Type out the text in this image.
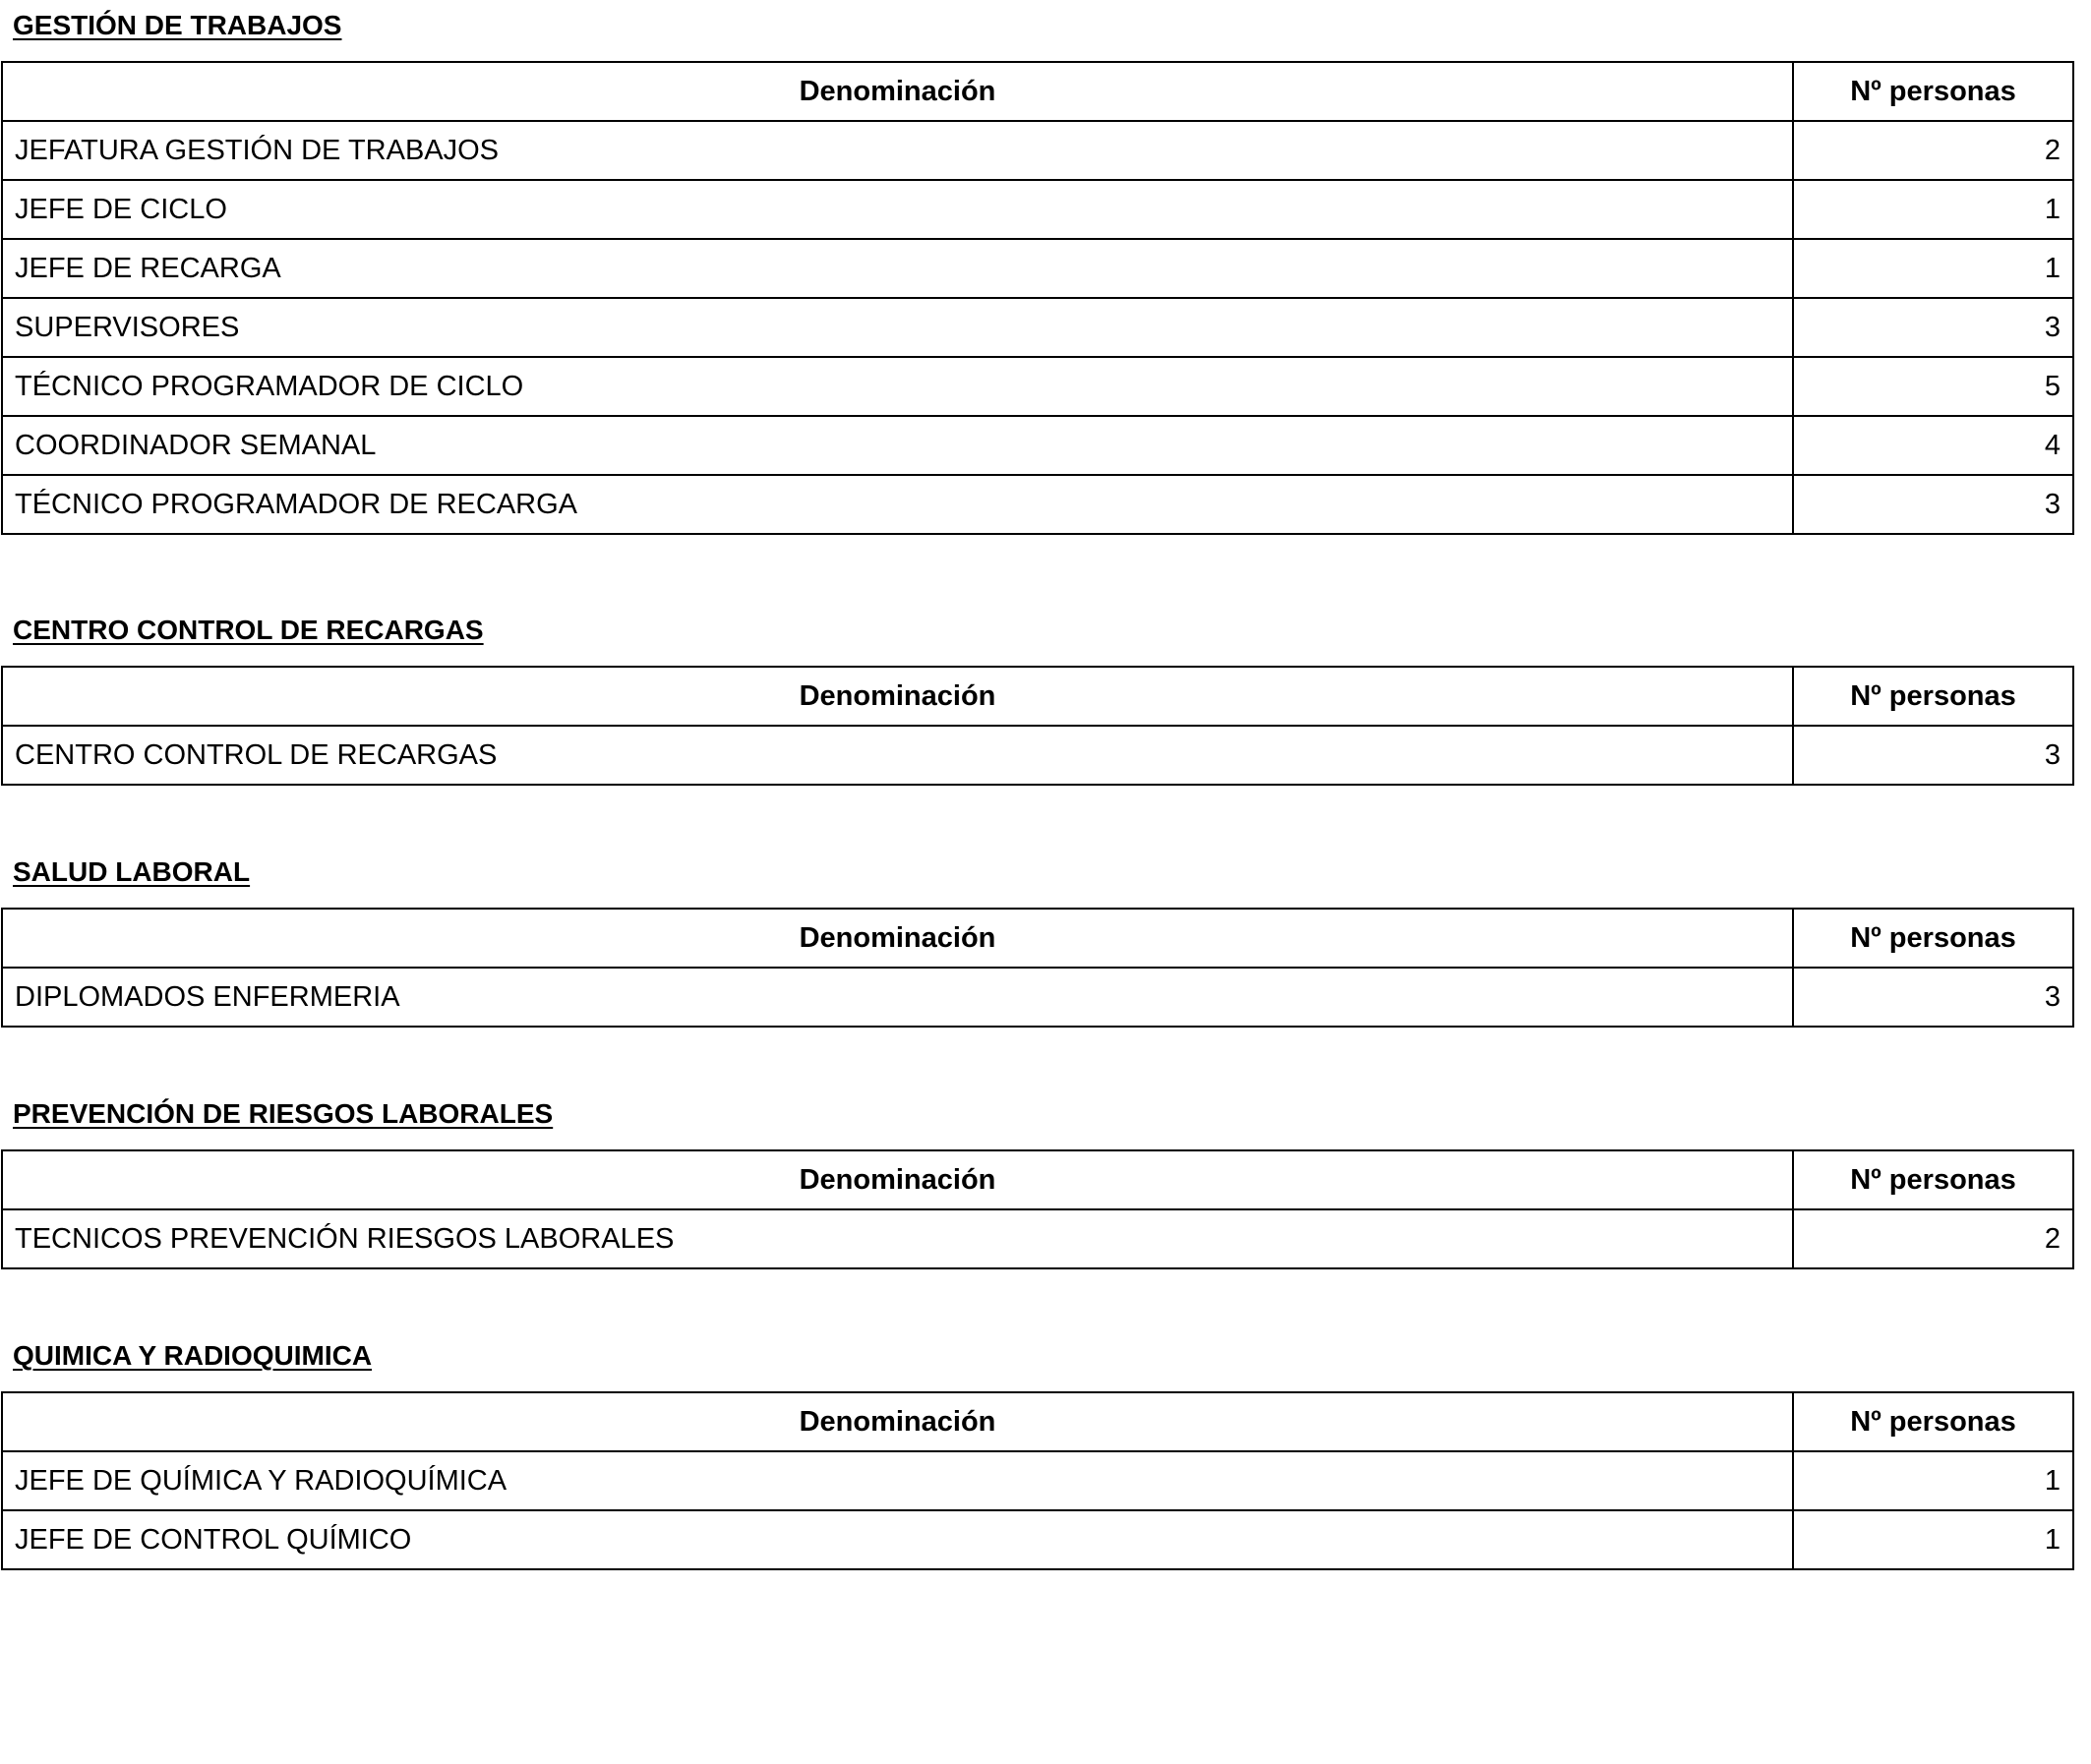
GESTIÓN DE TRABAJOS
Denominación	Nº personas
JEFATURA GESTIÓN DE TRABAJOS	2
JEFE DE CICLO	1
JEFE DE RECARGA	1
SUPERVISORES	3
TÉCNICO PROGRAMADOR DE CICLO	5
COORDINADOR SEMANAL	4
TÉCNICO PROGRAMADOR DE RECARGA	3
CENTRO CONTROL DE RECARGAS
Denominación	Nº personas
CENTRO CONTROL DE RECARGAS	3
SALUD LABORAL
Denominación	Nº personas
DIPLOMADOS ENFERMERIA	3
PREVENCIÓN DE RIESGOS LABORALES
Denominación	Nº personas
TECNICOS PREVENCIÓN RIESGOS LABORALES	2
QUIMICA Y RADIOQUIMICA
Denominación	Nº personas
JEFE DE QUÍMICA Y RADIOQUÍMICA	1
JEFE DE CONTROL QUÍMICO	1
